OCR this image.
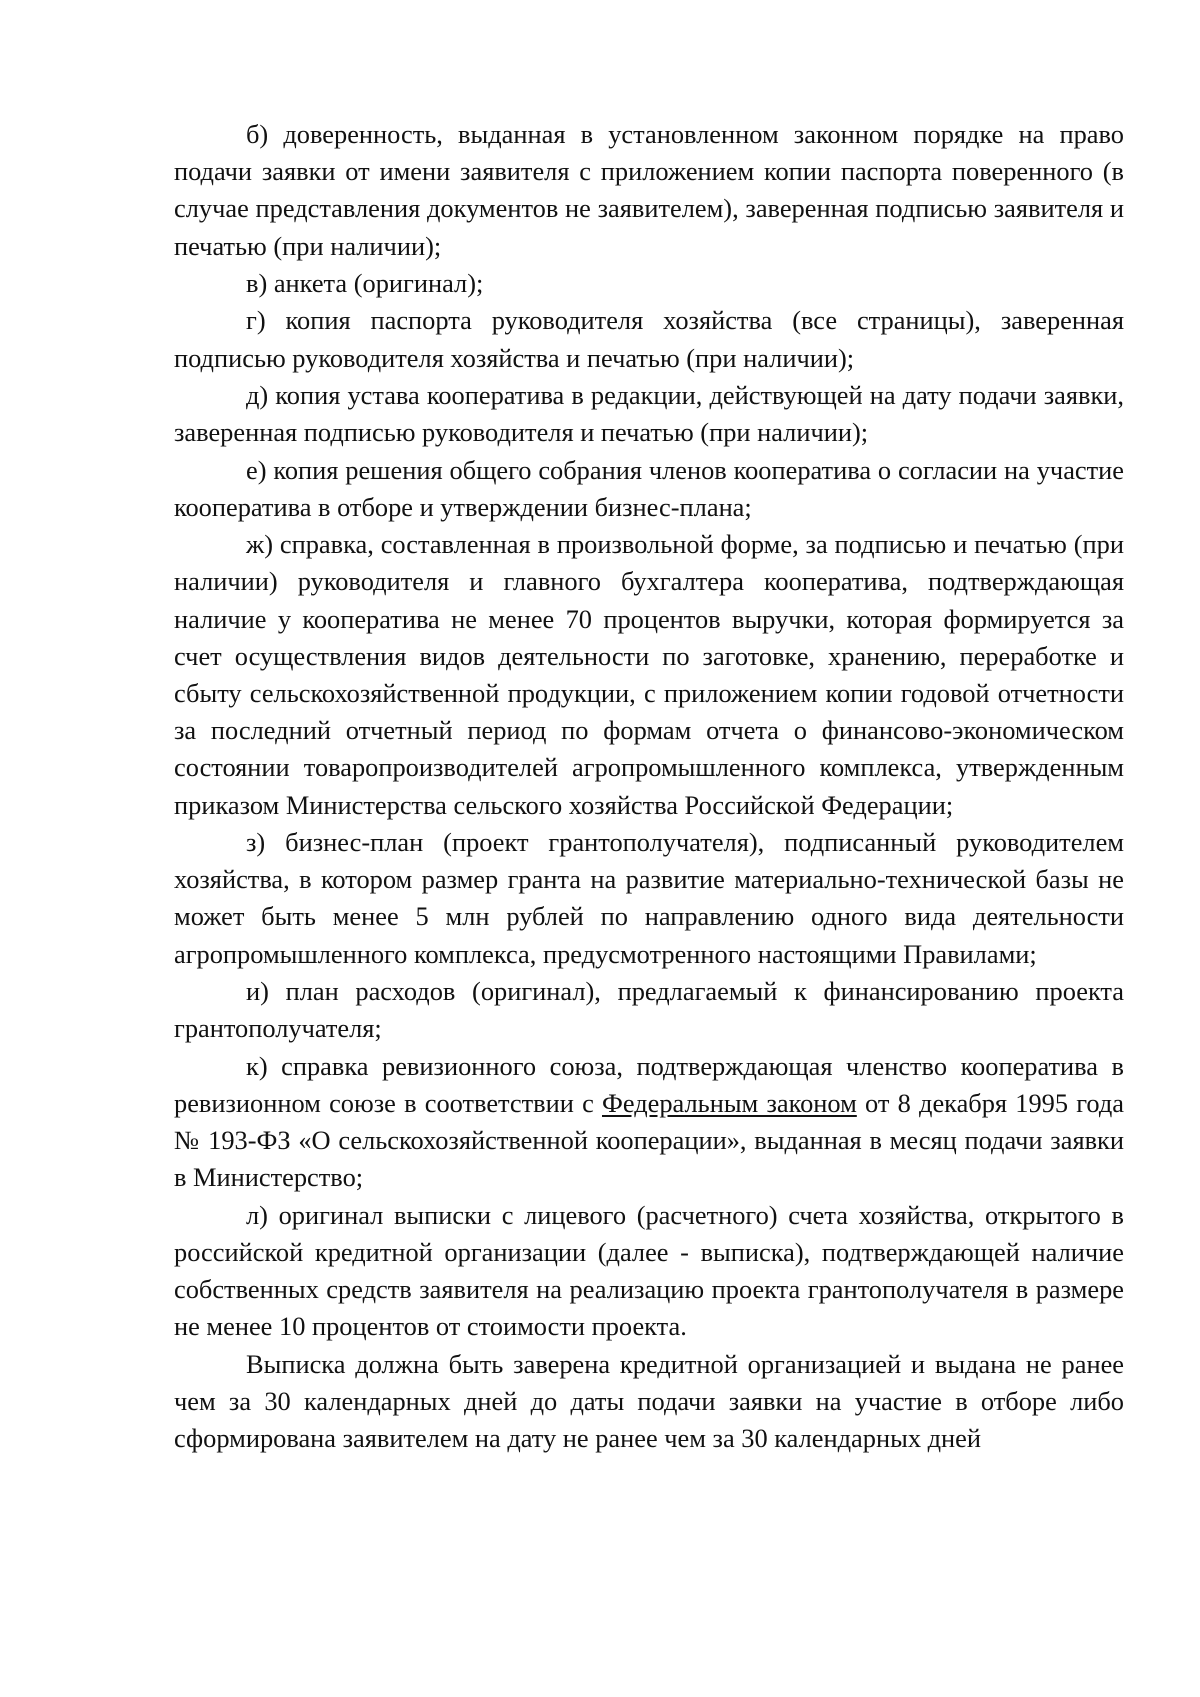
б) доверенность, выданная в установленном законном порядке на право подачи заявки от имени заявителя с приложением копии паспорта поверенного (в случае представления документов не заявителем), заверенная подписью заявителя и печатью (при наличии);

в) анкета (оригинал);

г) копия паспорта руководителя хозяйства (все страницы), заверенная подписью руководителя хозяйства и печатью (при наличии);

д) копия устава кооператива в редакции, действующей на дату подачи заявки, заверенная подписью руководителя и печатью (при наличии);

е) копия решения общего собрания членов кооператива о согласии на участие кооператива в отборе и утверждении бизнес-плана;

ж) справка, составленная в произвольной форме, за подписью и печатью (при наличии) руководителя и главного бухгалтера кооператива, подтверждающая наличие у кооператива не менее 70 процентов выручки, которая формируется за счет осуществления видов деятельности по заготовке, хранению, переработке и сбыту сельскохозяйственной продукции, с приложением копии годовой отчетности за последний отчетный период по формам отчета о финансово-экономическом состоянии товаропроизводителей агропромышленного комплекса, утвержденным приказом Министерства сельского хозяйства Российской Федерации;

з) бизнес-план (проект грантополучателя), подписанный руководителем хозяйства, в котором размер гранта на развитие материально-технической базы не может быть менее 5 млн рублей по направлению одного вида деятельности агропромышленного комплекса, предусмотренного настоящими Правилами;

и) план расходов (оригинал), предлагаемый к финансированию проекта грантополучателя;

к) справка ревизионного союза, подтверждающая членство кооператива в ревизионном союзе в соответствии с Федеральным законом от 8 декабря 1995 года № 193-ФЗ «О сельскохозяйственной кооперации», выданная в месяц подачи заявки в Министерство;

л) оригинал выписки с лицевого (расчетного) счета хозяйства, открытого в российской кредитной организации (далее - выписка), подтверждающей наличие собственных средств заявителя на реализацию проекта грантополучателя в размере не менее 10 процентов от стоимости проекта.

Выписка должна быть заверена кредитной организацией и выдана не ранее чем за 30 календарных дней до даты подачи заявки на участие в отборе либо сформирована заявителем на дату не ранее чем за 30 календарных дней
